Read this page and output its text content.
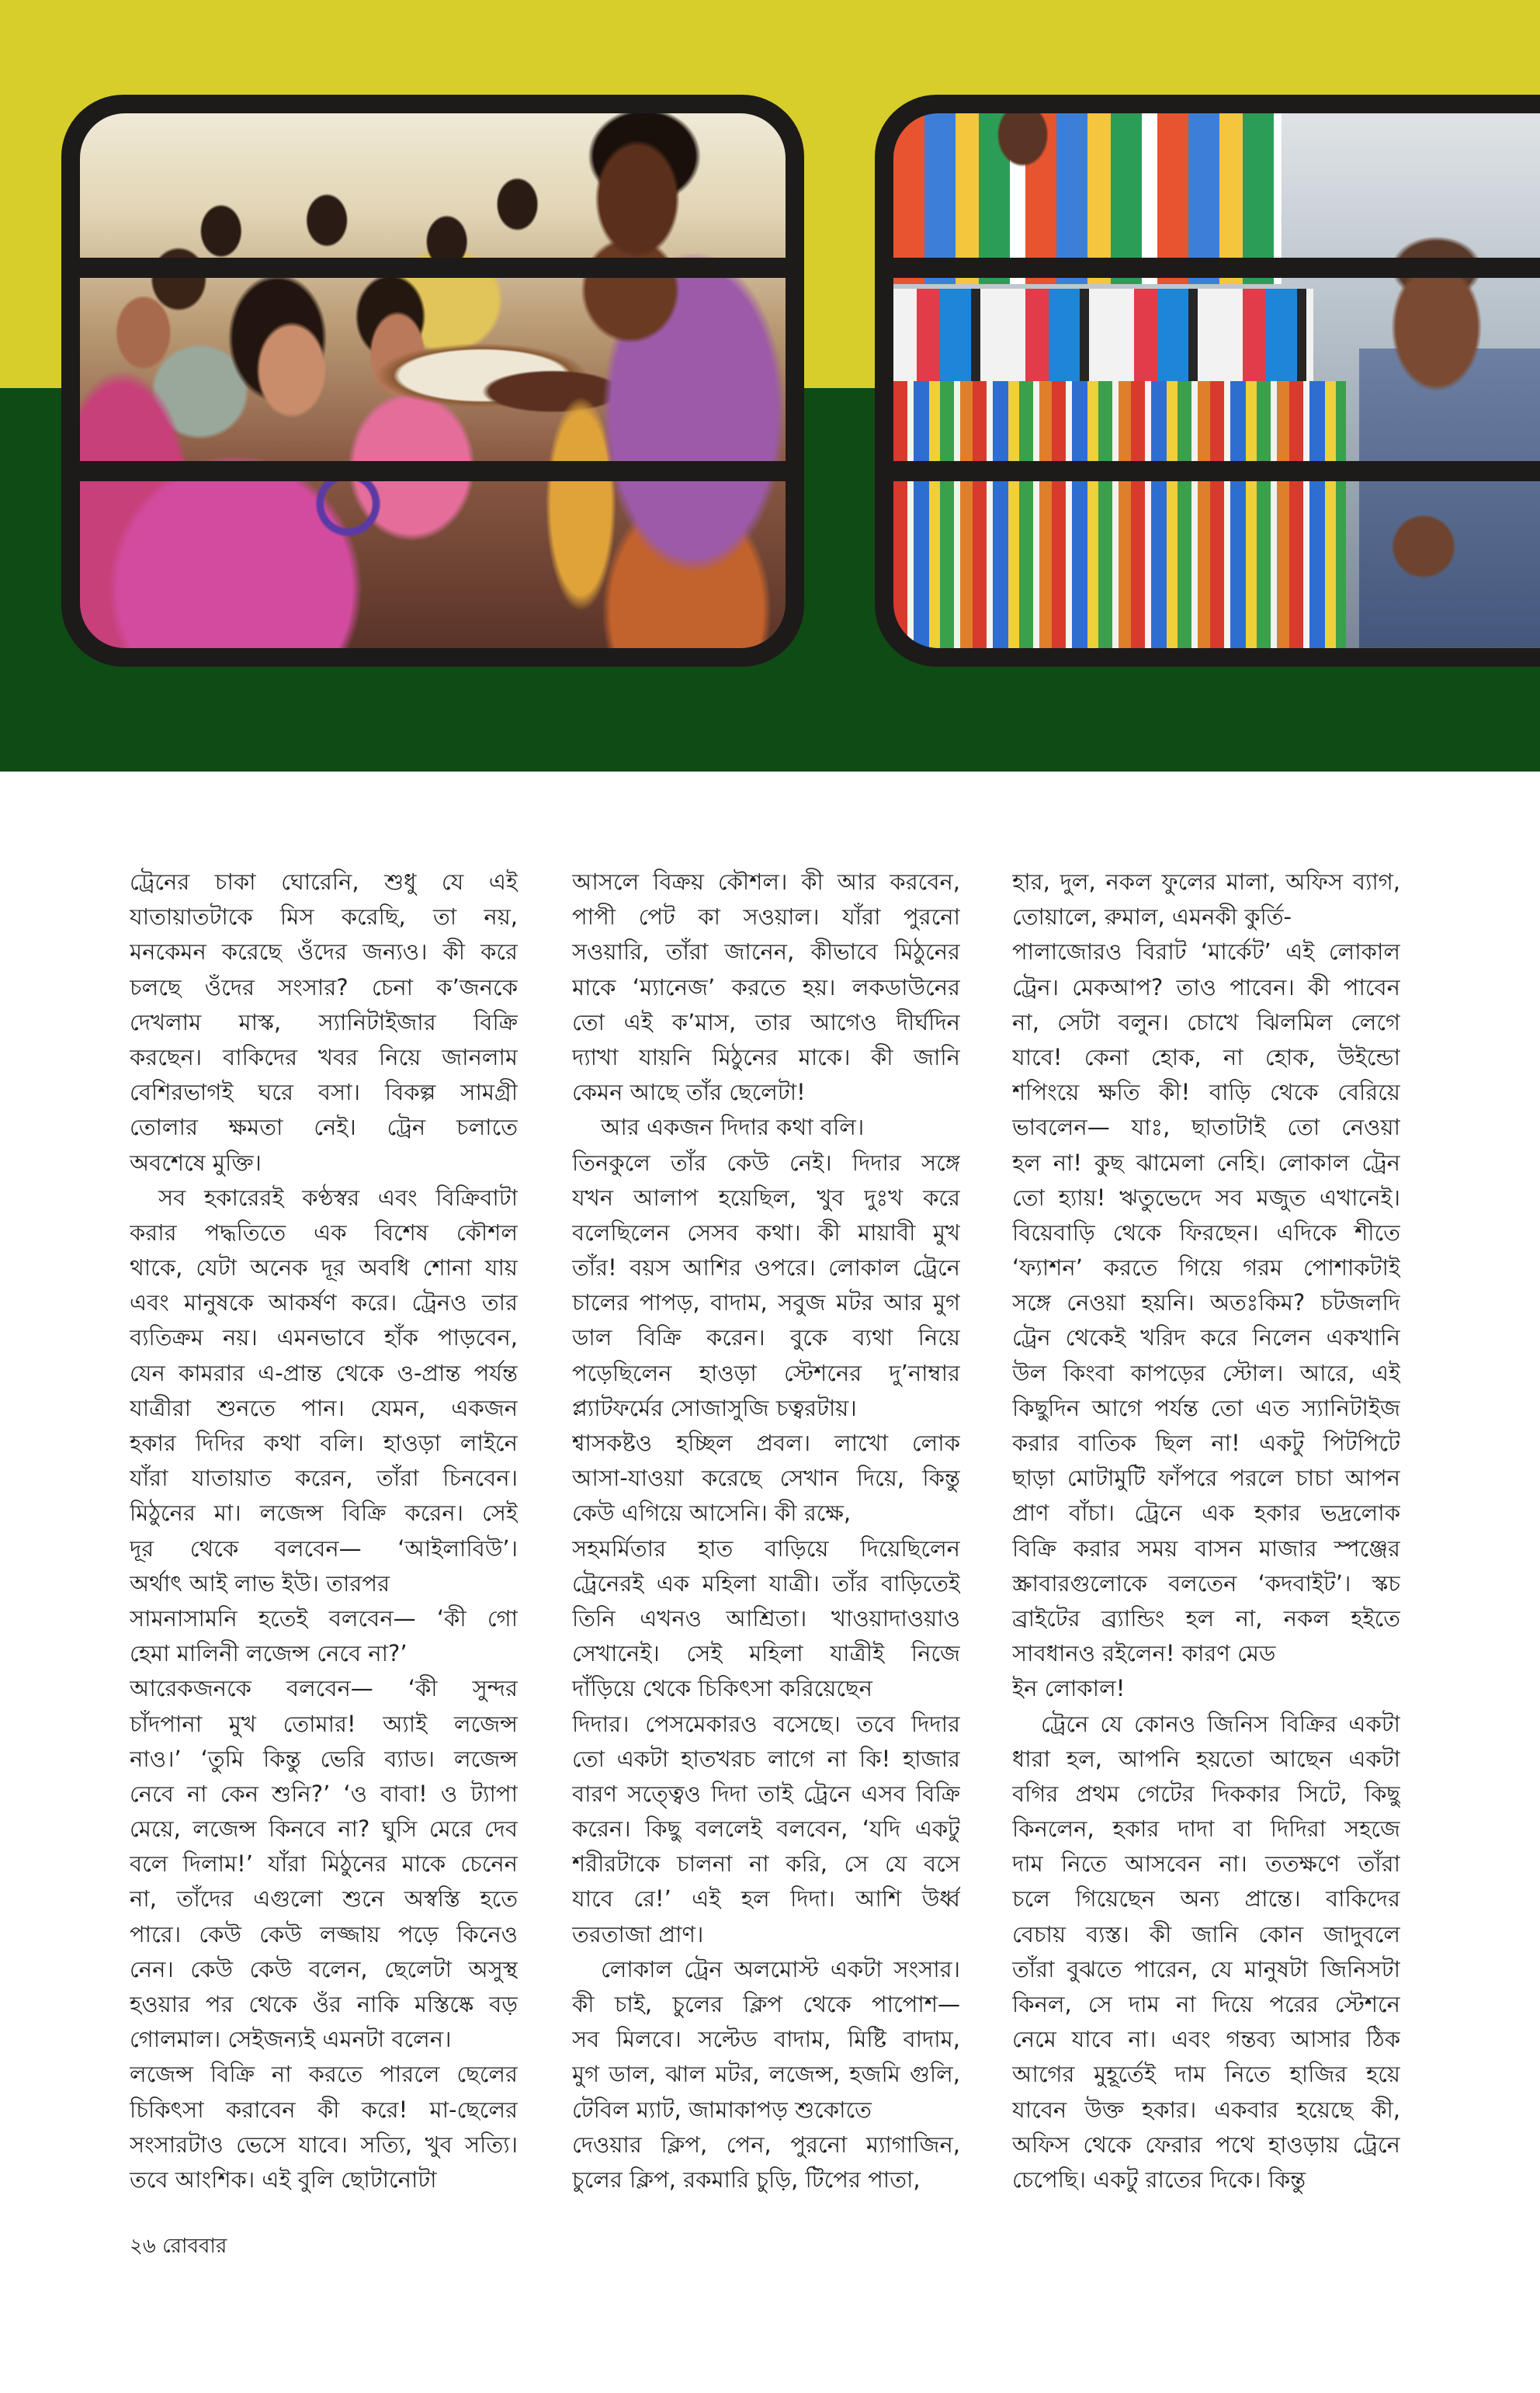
ট্রেনের চাকা ঘোরেনি, শুধু যে এই
যাতায়াতটাকে মিস করেছি, তা নয়,
মনকেমন করেছে ওঁদের জন্যও। কী করে
চলছে ওঁদের সংসার? চেনা ক’জনকে
দেখলাম মাস্ক, স্যানিটাইজার বিক্রি
করছেন। বাকিদের খবর নিয়ে জানলাম
বেশিরভাগই ঘরে বসা। বিকল্প সামগ্রী
তোলার ক্ষমতা নেই। ট্রেন চলাতে
অবশেষে মুক্তি।
সব হকারেরই কণ্ঠস্বর এবং বিক্রিবাটা
করার পদ্ধতিতে এক বিশেষ কৌশল
থাকে, যেটা অনেক দূর অবধি শোনা যায়
এবং মানুষকে আকর্ষণ করে। ট্রেনও তার
ব্যতিক্রম নয়। এমনভাবে হাঁক পাড়বেন,
যেন কামরার এ-প্রান্ত থেকে ও-প্রান্ত পর্যন্ত
যাত্রীরা শুনতে পান। যেমন, একজন
হকার দিদির কথা বলি। হাওড়া লাইনে
যাঁরা যাতায়াত করেন, তাঁরা চিনবেন।
মিঠুনের মা। লজেন্স বিক্রি করেন। সেই
দূর থেকে বলবেন— ‘আইলাবিউ’।
অর্থাৎ আই লাভ ইউ। তারপর
সামনাসামনি হতেই বলবেন— ‘কী গো
হেমা মালিনী লজেন্স নেবে না?’
আরেকজনকে বলবেন— ‘কী সুন্দর
চাঁদপানা মুখ তোমার! অ্যাই লজেন্স
নাও।’ ‘তুমি কিন্তু ভেরি ব্যাড। লজেন্স
নেবে না কেন শুনি?’ ‘ও বাবা! ও ট্যাপা
মেয়ে, লজেন্স কিনবে না? ঘুসি মেরে দেব
বলে দিলাম!’ যাঁরা মিঠুনের মাকে চেনেন
না, তাঁদের এগুলো শুনে অস্বস্তি হতে
পারে। কেউ কেউ লজ্জায় পড়ে কিনেও
নেন। কেউ কেউ বলেন, ছেলেটা অসুস্থ
হওয়ার পর থেকে ওঁর নাকি মস্তিষ্কে বড়
গোলমাল। সেইজন্যই এমনটা বলেন।
লজেন্স বিক্রি না করতে পারলে ছেলের
চিকিৎসা করাবেন কী করে! মা-ছেলের
সংসারটাও ভেসে যাবে। সত্যি, খুব সত্যি।
তবে আংশিক। এই বুলি ছোটানোটা
আসলে বিক্রয় কৌশল। কী আর করবেন,
পাপী পেট কা সওয়াল। যাঁরা পুরনো
সওয়ারি, তাঁরা জানেন, কীভাবে মিঠুনের
মাকে ‘ম্যানেজ’ করতে হয়। লকডাউনের
তো এই ক’মাস, তার আগেও দীর্ঘদিন
দ্যাখা যায়নি মিঠুনের মাকে। কী জানি
কেমন আছে তাঁর ছেলেটা!
আর একজন দিদার কথা বলি।
তিনকুলে তাঁর কেউ নেই। দিদার সঙ্গে
যখন আলাপ হয়েছিল, খুব দুঃখ করে
বলেছিলেন সেসব কথা। কী মায়াবী মুখ
তাঁর! বয়স আশির ওপরে। লোকাল ট্রেনে
চালের পাপড়, বাদাম, সবুজ মটর আর মুগ
ডাল বিক্রি করেন। বুকে ব্যথা নিয়ে
পড়েছিলেন হাওড়া স্টেশনের দু’নাম্বার
প্ল্যাটফর্মের সোজাসুজি চত্বরটায়।
শ্বাসকষ্টও হচ্ছিল প্রবল। লাখো লোক
আসা-যাওয়া করেছে সেখান দিয়ে, কিন্তু
কেউ এগিয়ে আসেনি। কী রক্ষে,
সহমর্মিতার হাত বাড়িয়ে দিয়েছিলেন
ট্রেনেরই এক মহিলা যাত্রী। তাঁর বাড়িতেই
তিনি এখনও আশ্রিতা। খাওয়াদাওয়াও
সেখানেই। সেই মহিলা যাত্রীই নিজে
দাঁড়িয়ে থেকে চিকিৎসা করিয়েছেন
দিদার। পেসমেকারও বসেছে। তবে দিদার
তো একটা হাতখরচ লাগে না কি! হাজার
বারণ সত্ত্বেও দিদা তাই ট্রেনে এসব বিক্রি
করেন। কিছু বললেই বলবেন, ‘যদি একটু
শরীরটাকে চালনা না করি, সে যে বসে
যাবে রে!’ এই হল দিদা। আশি উর্ধ্ব
তরতাজা প্রাণ।
লোকাল ট্রেন অলমোস্ট একটা সংসার।
কী চাই, চুলের ক্লিপ থেকে পাপোশ—
সব মিলবে। সল্টেড বাদাম, মিষ্টি বাদাম,
মুগ ডাল, ঝাল মটর, লজেন্স, হজমি গুলি,
টেবিল ম্যাট, জামাকাপড় শুকোতে
দেওয়ার ক্লিপ, পেন, পুরনো ম্যাগাজিন,
চুলের ক্লিপ, রকমারি চুড়ি, টিপের পাতা,
হার, দুল, নকল ফুলের মালা, অফিস ব্যাগ,
তোয়ালে, রুমাল, এমনকী কুর্তি-
পালাজোরও বিরাট ‘মার্কেট’ এই লোকাল
ট্রেন। মেকআপ? তাও পাবেন। কী পাবেন
না, সেটা বলুন। চোখে ঝিলমিল লেগে
যাবে! কেনা হোক, না হোক, উইন্ডো
শপিংয়ে ক্ষতি কী! বাড়ি থেকে বেরিয়ে
ভাবলেন— যাঃ, ছাতাটাই তো নেওয়া
হল না! কুছ ঝামেলা নেহি। লোকাল ট্রেন
তো হ্যায়! ঋতুভেদে সব মজুত এখানেই।
বিয়েবাড়ি থেকে ফিরছেন। এদিকে শীতে
‘ফ্যাশন’ করতে গিয়ে গরম পোশাকটাই
সঙ্গে নেওয়া হয়নি। অতঃকিম? চটজলদি
ট্রেন থেকেই খরিদ করে নিলেন একখানি
উল কিংবা কাপড়ের স্টোল। আরে, এই
কিছুদিন আগে পর্যন্ত তো এত স্যানিটাইজ
করার বাতিক ছিল না! একটু পিটপিটে
ছাড়া মোটামুটি ফাঁপরে পরলে চাচা আপন
প্রাণ বাঁচা। ট্রেনে এক হকার ভদ্রলোক
বিক্রি করার সময় বাসন মাজার স্পঞ্জের
স্ক্রাবারগুলোকে বলতেন ‘কদবাইট’। স্কচ
ব্রাইটের ব্র্যান্ডিং হল না, নকল হইতে
সাবধানও রইলেন! কারণ মেড
ইন লোকাল!
ট্রেনে যে কোনও জিনিস বিক্রির একটা
ধারা হল, আপনি হয়তো আছেন একটা
বগির প্রথম গেটের দিককার সিটে, কিছু
কিনলেন, হকার দাদা বা দিদিরা সহজে
দাম নিতে আসবেন না। ততক্ষণে তাঁরা
চলে গিয়েছেন অন্য প্রান্তে। বাকিদের
বেচায় ব্যস্ত। কী জানি কোন জাদুবলে
তাঁরা বুঝতে পারেন, যে মানুষটা জিনিসটা
কিনল, সে দাম না দিয়ে পরের স্টেশনে
নেমে যাবে না। এবং গন্তব্য আসার ঠিক
আগের মুহূর্তেই দাম নিতে হাজির হয়ে
যাবেন উক্ত হকার। একবার হয়েছে কী,
অফিস থেকে ফেরার পথে হাওড়ায় ট্রেনে
চেপেছি। একটু রাতের দিকে। কিন্তু
২৬ রোববার
